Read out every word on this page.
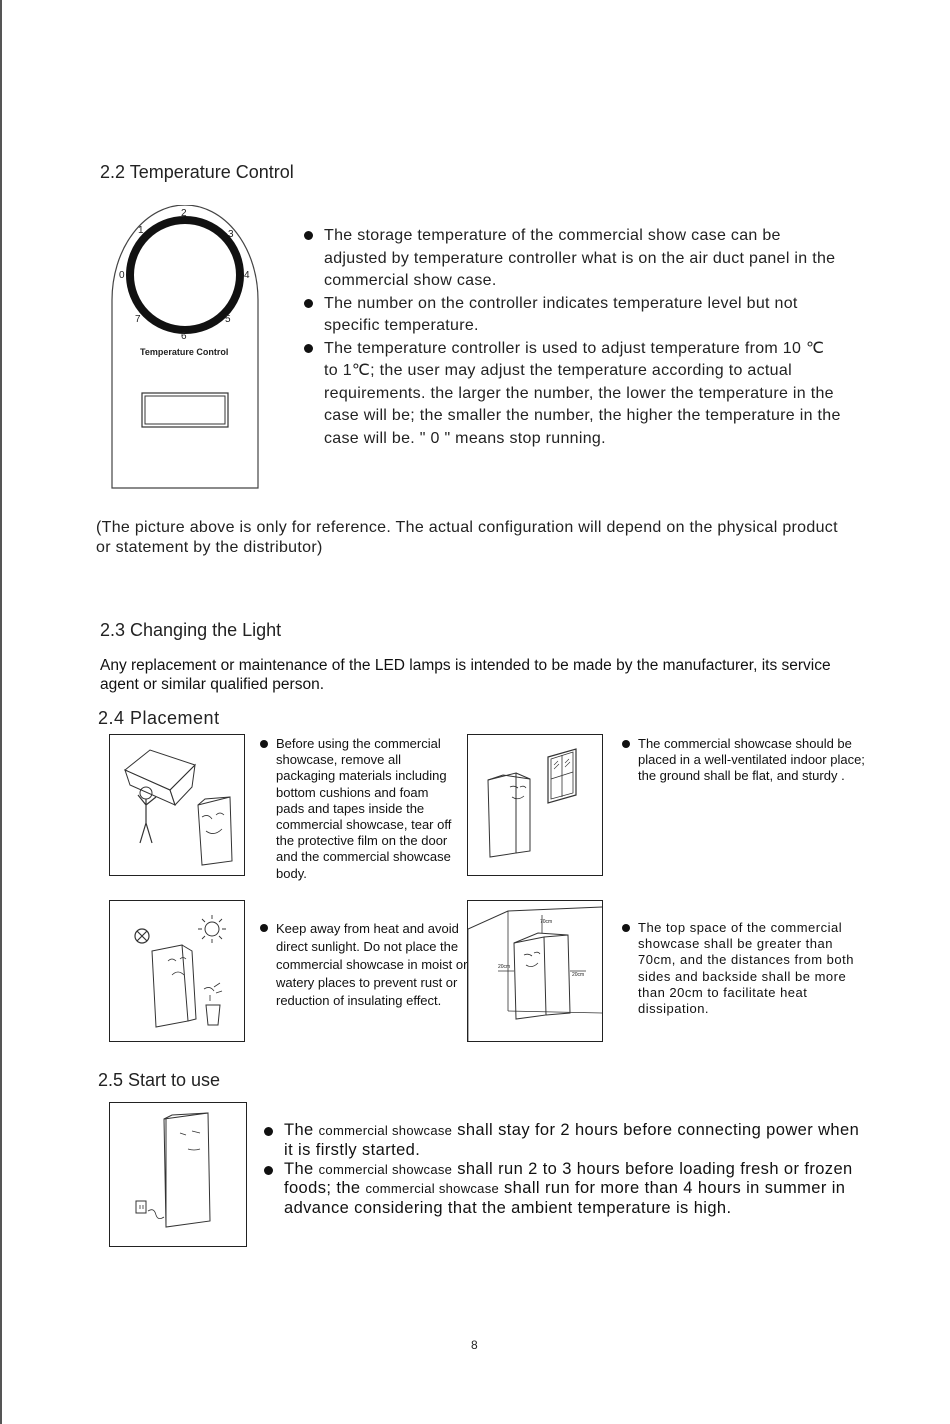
2.2 Temperature Control
0
1
2
3
4
5
6
7
Temperature Control
The storage temperature of the commercial show case can be adjusted by temperature controller what is on the air duct panel in the commercial show case.
The number on the controller indicates temperature level but not specific temperature.
The temperature controller is used to adjust temperature from 10 ℃ to 1℃; the user may adjust the temperature according to actual requirements. the larger the number, the lower the temperature in the case will be; the smaller the number, the higher the temperature in the case will be. " 0 " means stop running.
(The picture above is only for reference. The actual configuration will depend on the physical product or statement by the distributor)
2.3 Changing the Light
Any replacement or maintenance of the LED lamps is intended to be made by the manufacturer, its service agent or similar qualified person.
2.4 Placement
Before using the commercial showcase, remove all packaging materials including bottom cushions and foam pads and tapes inside the commercial showcase, tear off the protective film on the door and the commercial showcase body.
The commercial showcase should be placed in a well-ventilated indoor place; the ground shall be flat, and sturdy .
Keep away from heat and avoid direct sunlight. Do not place the commercial showcase in moist or watery places to prevent rust or reduction of insulating effect.
70cm
20cm
20cm
The top space of the commercial showcase shall be greater than 70cm, and the distances from both sides and backside shall be more than 20cm to facilitate heat dissipation.
2.5 Start to use
The commercial showcase shall stay for 2 hours before connecting power when it is firstly started.
The commercial showcase shall run 2 to 3 hours before loading fresh or frozen foods; the commercial showcase shall run for more than 4 hours in summer in advance considering that the ambient temperature is high.
8
